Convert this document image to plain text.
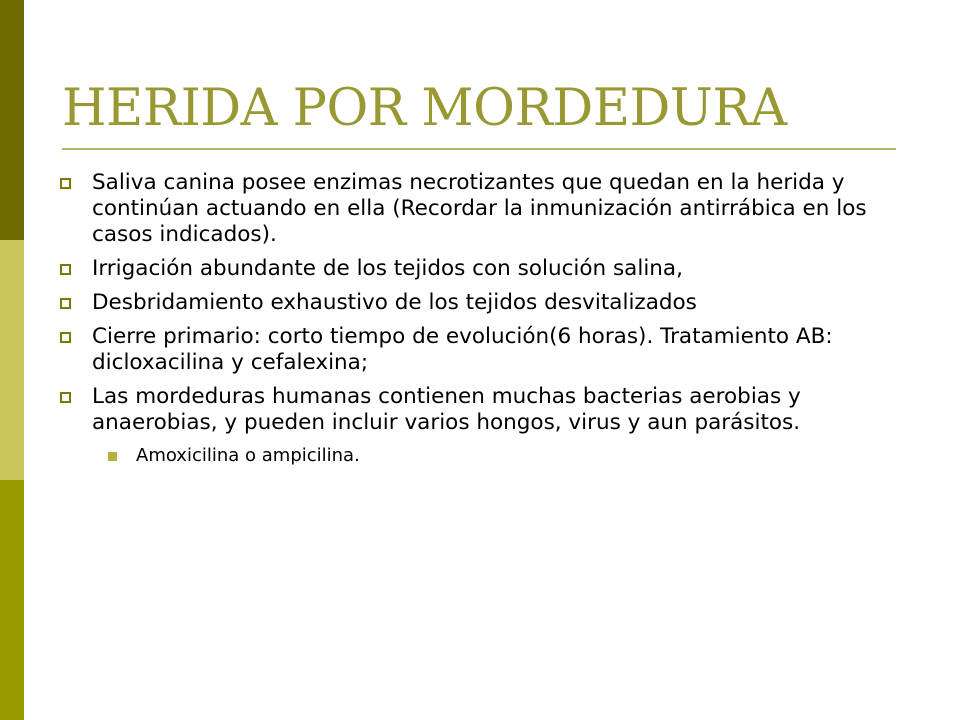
HERIDA POR MORDEDURA
Saliva canina posee enzimas necrotizantes que quedan en la herida y continúan actuando en ella (Recordar la inmunización antirrábica en los casos indicados).
Irrigación abundante de los tejidos con solución salina,
Desbridamiento exhaustivo de los tejidos desvitalizados
Cierre primario: corto tiempo de evolución(6 horas). Tratamiento AB: dicloxacilina y cefalexina;
Las mordeduras humanas contienen muchas bacterias aerobias y anaerobias, y pueden incluir varios hongos, virus y aun parásitos.
Amoxicilina o ampicilina.
